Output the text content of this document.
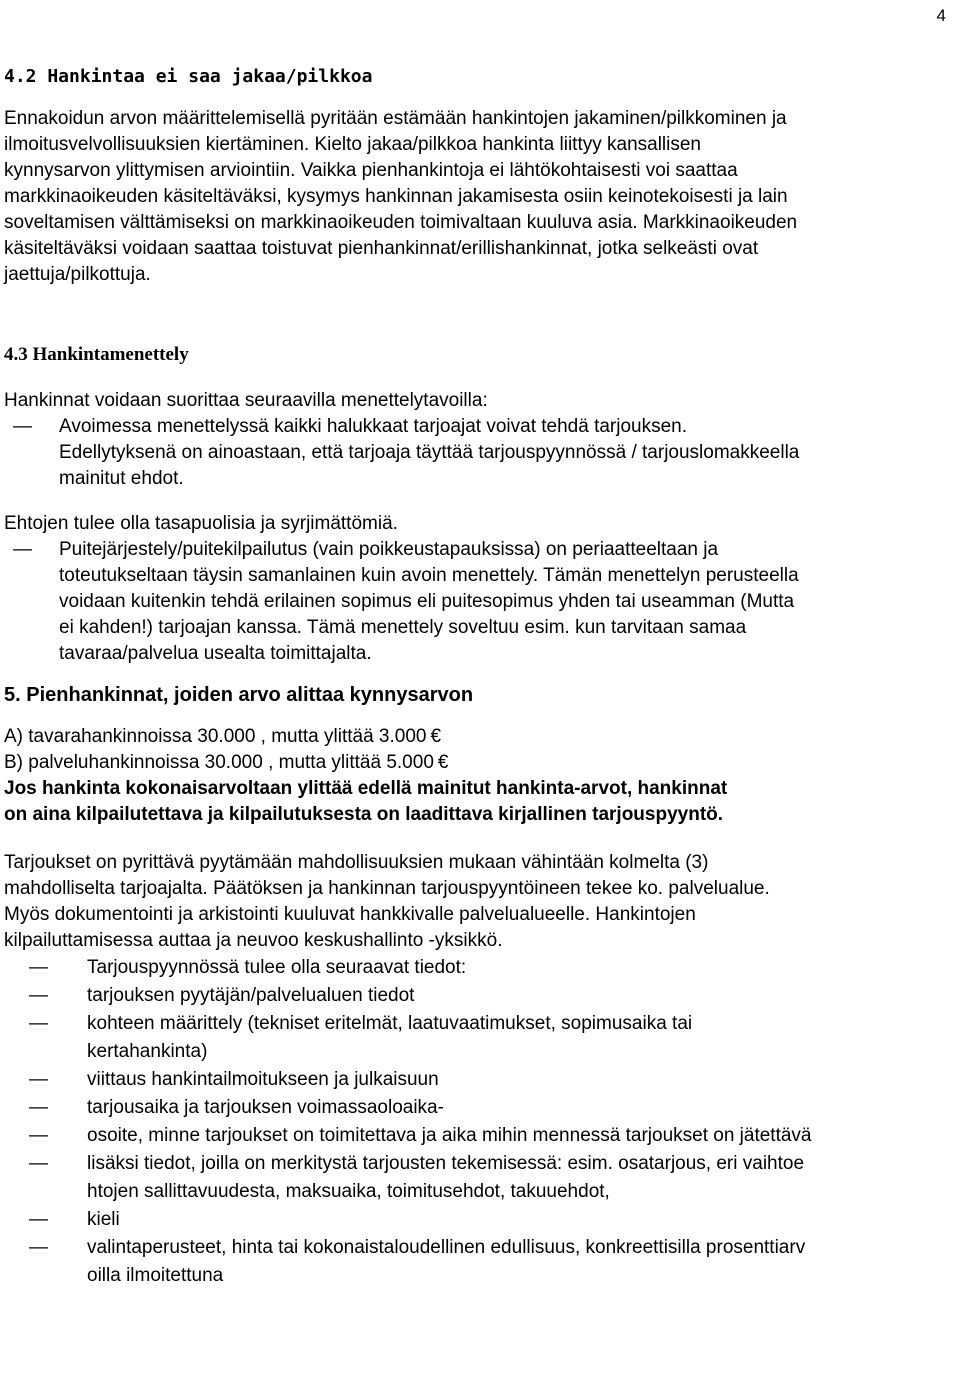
4

4.2 Hankintaa ei saa jakaa/pilkkoa

Ennakoidun arvon määrittelemisellä pyritään estämään hankintojen jakaminen/pilkkominen ja

ilmoitusvelvollisuuksien kiertäminen. Kielto jakaa/pilkkoa hankinta liittyy kansallisen

kynnysarvon ylittymisen arviointiin. Vaikka pienhankintoja ei lähtökohtaisesti voi saattaa

markkinaoikeuden käsiteltäväksi, kysymys hankinnan jakamisesta osiin keinotekoisesti ja lain

soveltamisen välttämiseksi on markkinaoikeuden toimivaltaan kuuluva asia. Markkinaoikeuden

käsiteltäväksi voidaan saattaa toistuvat pienhankinnat/erillishankinnat, jotka selkeästi ovat

jaettuja/pilkottuja.

4.3 Hankintamenettely

Hankinnat voidaan suorittaa seuraavilla menettelytavoilla:

— Avoimessa menettelyssä kaikki halukkaat tarjoajat voivat tehdä tarjouksen.
Edellytyksenä on ainoastaan, että tarjoaja täyttää tarjouspyynnössä / tarjouslomakkeella
mainitut ehdot.

Ehtojen tulee olla tasapuolisia ja syrjimättömiä.

— Puitejärjestely/puitekilpailutus (vain poikkeustapauksissa) on periaatteeltaan ja
toteutukseltaan täysin samanlainen kuin avoin menettely. Tämän menettelyn perusteella
voidaan kuitenkin tehdä erilainen sopimus eli puitesopimus yhden tai useamman (Mutta
ei kahden!) tarjoajan kanssa. Tämä menettely soveltuu esim. kun tarvitaan samaa
tavaraa/palvelua usealta toimittajalta.

5. Pienhankinnat, joiden arvo alittaa kynnysarvon

A) tavarahankinnoissa 30.000 , mutta ylittää 3.000 €

B) palveluhankinnoissa 30.000 , mutta ylittää 5.000 €

Jos hankinta kokonaisarvoltaan ylittää edellä mainitut hankinta-arvot, hankinnat

on aina kilpailutettava ja kilpailutuksesta on laadittava kirjallinen tarjouspyyntö.

Tarjoukset on pyrittävä pyytämään mahdollisuuksien mukaan vähintään kolmelta (3)

mahdolliselta tarjoajalta. Päätöksen ja hankinnan tarjouspyyntöineen tekee ko. palvelualue.

Myös dokumentointi ja arkistointi kuuluvat hankkivalle palvelualueelle. Hankintojen

kilpailuttamisessa auttaa ja neuvoo keskushallinto -yksikkö.

— Tarjouspyynnössä tulee olla seuraavat tiedot:
— tarjouksen pyytäjän/palvelualuen tiedot
— kohteen määrittely (tekniset eritelmät, laatuvaatimukset, sopimusaika tai
kertahankinta)
— viittaus hankintailmoitukseen ja julkaisuun
— tarjousaika ja tarjouksen voimassaoloaika-
— osoite, minne tarjoukset on toimitettava ja aika mihin mennessä tarjoukset on jätettävä
— lisäksi tiedot, joilla on merkitystä tarjousten tekemisessä: esim. osatarjous, eri vaihtoe
htojen sallittavuudesta, maksuaika, toimitusehdot, takuuehdot,
— kieli
— valintaperusteet, hinta tai kokonaistaloudellinen edullisuus, konkreettisilla prosenttiarv
oilla ilmoitettuna
